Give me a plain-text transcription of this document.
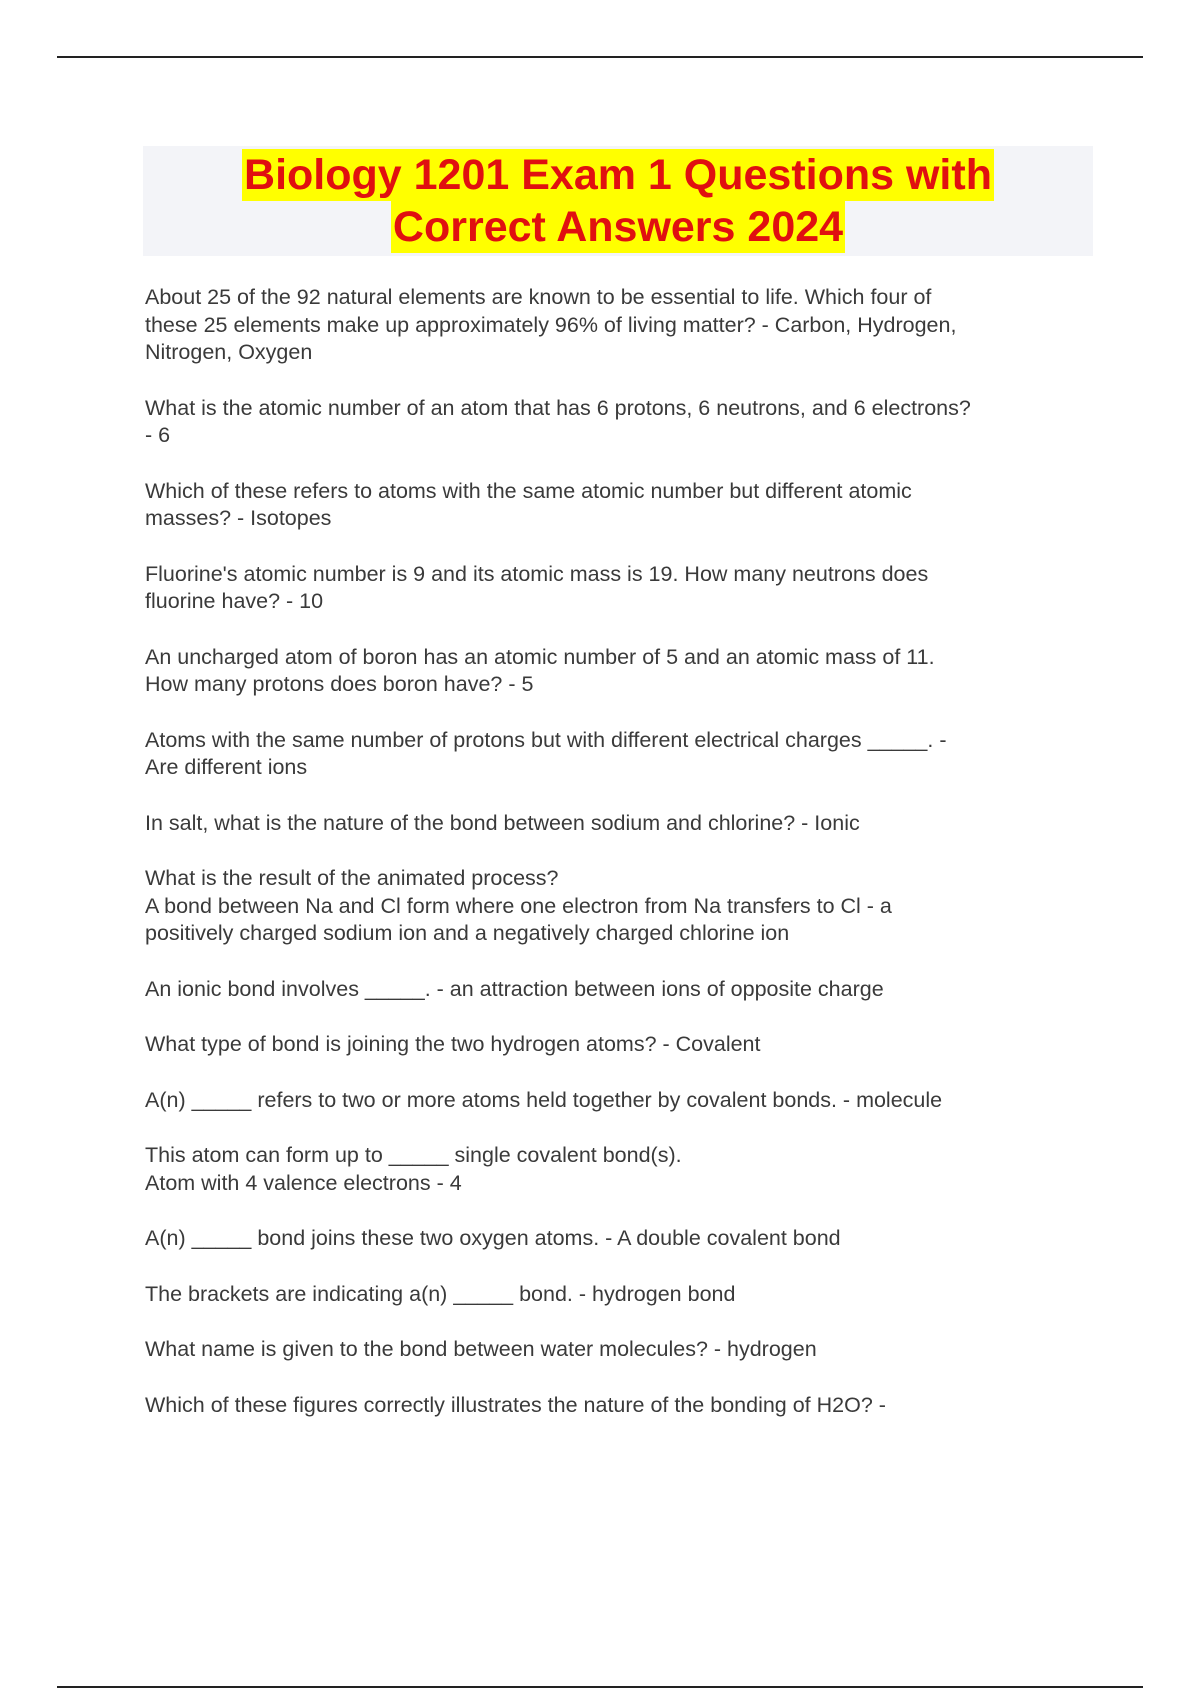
Biology 1201 Exam 1 Questions with
Correct Answers 2024

About 25 of the 92 natural elements are known to be essential to life. Which four of
these 25 elements make up approximately 96% of living matter? - Carbon, Hydrogen,
Nitrogen, Oxygen

What is the atomic number of an atom that has 6 protons, 6 neutrons, and 6 electrons?
- 6

Which of these refers to atoms with the same atomic number but different atomic
masses? - Isotopes

Fluorine's atomic number is 9 and its atomic mass is 19. How many neutrons does
fluorine have? - 10

An uncharged atom of boron has an atomic number of 5 and an atomic mass of 11.
How many protons does boron have? - 5

Atoms with the same number of protons but with different electrical charges _____. -
Are different ions

In salt, what is the nature of the bond between sodium and chlorine? - Ionic

What is the result of the animated process?
A bond between Na and Cl form where one electron from Na transfers to Cl - a
positively charged sodium ion and a negatively charged chlorine ion

An ionic bond involves _____. - an attraction between ions of opposite charge

What type of bond is joining the two hydrogen atoms? - Covalent

A(n) _____ refers to two or more atoms held together by covalent bonds. - molecule

This atom can form up to _____ single covalent bond(s).
Atom with 4 valence electrons - 4

A(n) _____ bond joins these two oxygen atoms. - A double covalent bond

The brackets are indicating a(n) _____ bond. - hydrogen bond

What name is given to the bond between water molecules? - hydrogen

Which of these figures correctly illustrates the nature of the bonding of H2O? -
